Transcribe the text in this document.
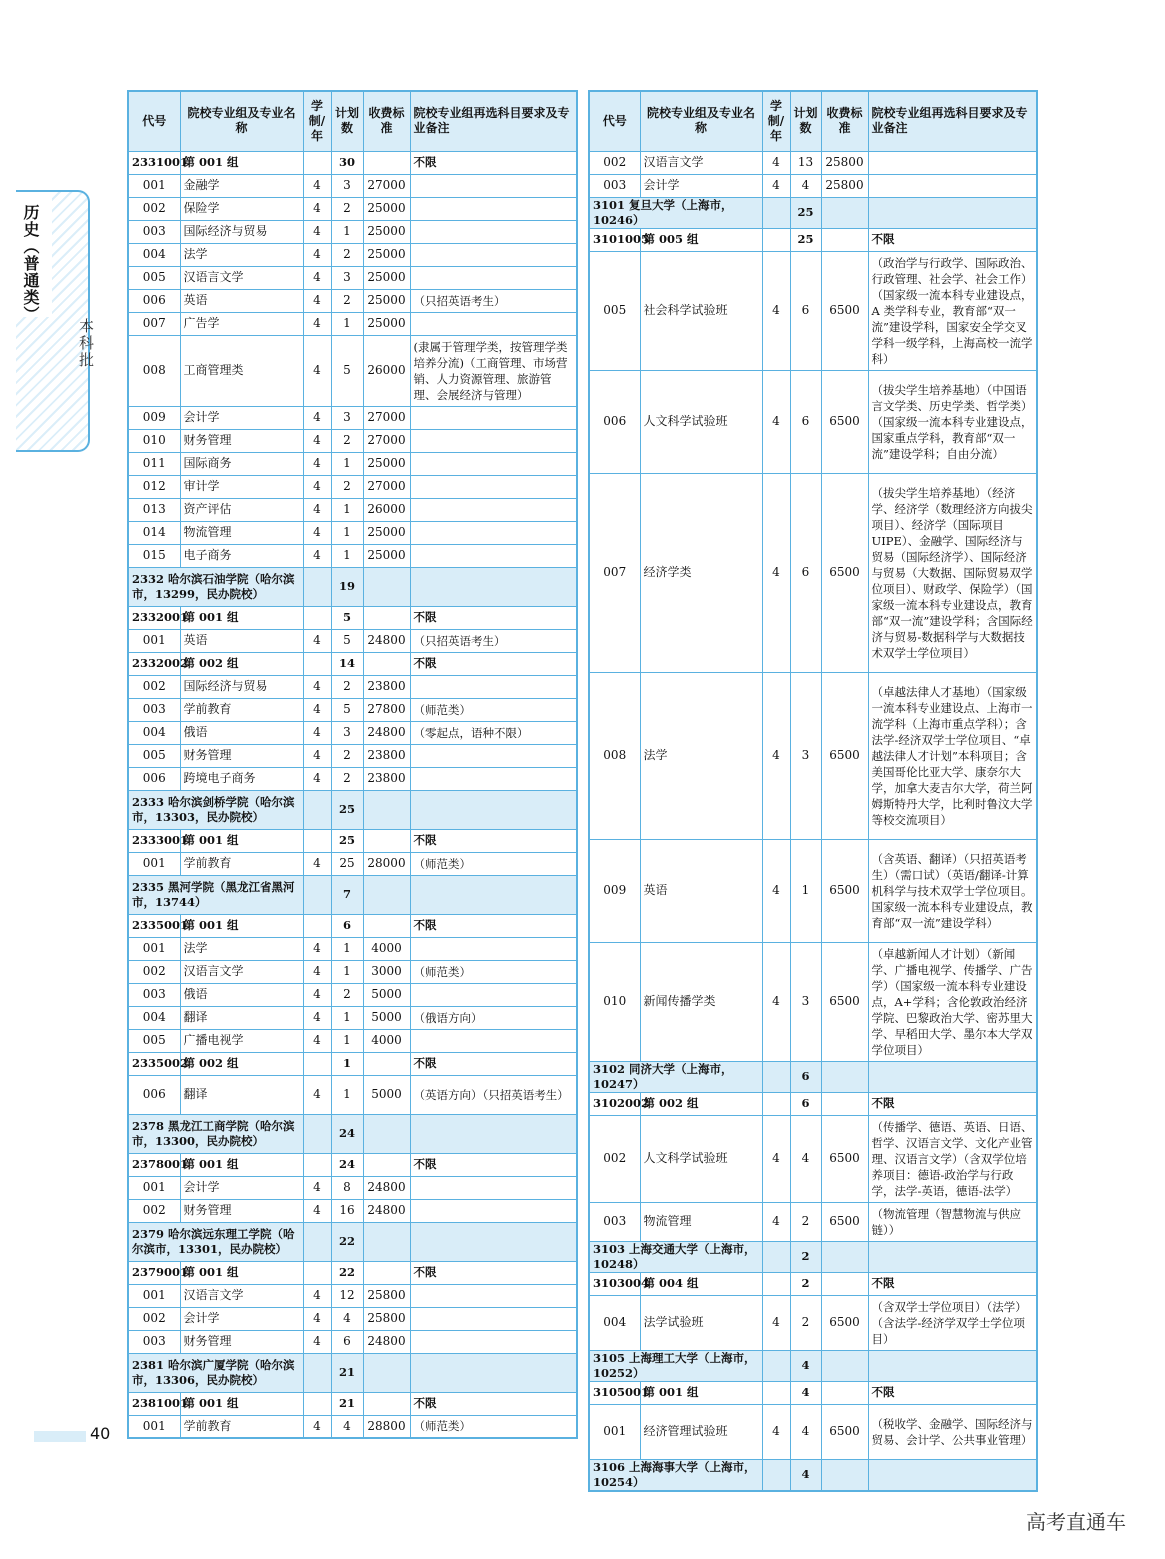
历史（普通类）
本科批
40
高考直通车
代号	院校专业组及专业名称	学制/年	计划数	收费标准	院校专业组再选科目要求及专业备注
2331001	第 001 组		30		不限
001	金融学	4	3	27000	
002	保险学	4	2	25000	
003	国际经济与贸易	4	1	25000	
004	法学	4	2	25000	
005	汉语言文学	4	3	25000	
006	英语	4	2	25000	（只招英语考生）
007	广告学	4	1	25000	
008	工商管理类	4	5	26000	(隶属于管理学类，按管理学类培养分流)（工商管理、市场营销、人力资源管理、旅游管理、会展经济与管理）
009	会计学	4	3	27000	
010	财务管理	4	2	27000	
011	国际商务	4	1	25000	
012	审计学	4	2	27000	
013	资产评估	4	1	26000	
014	物流管理	4	1	25000	
015	电子商务	4	1	25000	
2332 哈尔滨石油学院（哈尔滨市，13299，民办院校）			19		
2332001	第 001 组		5		不限
001	英语	4	5	24800	（只招英语考生）
2332002	第 002 组		14		不限
002	国际经济与贸易	4	2	23800	
003	学前教育	4	5	27800	（师范类）
004	俄语	4	3	24800	（零起点，语种不限）
005	财务管理	4	2	23800	
006	跨境电子商务	4	2	23800	
2333 哈尔滨剑桥学院（哈尔滨市，13303，民办院校）			25		
2333001	第 001 组		25		不限
001	学前教育	4	25	28000	（师范类）
2335 黑河学院（黑龙江省黑河市，13744）			7		
2335001	第 001 组		6		不限
001	法学	4	1	4000	
002	汉语言文学	4	1	3000	（师范类）
003	俄语	4	2	5000	
004	翻译	4	1	5000	（俄语方向）
005	广播电视学	4	1	4000	
2335002	第 002 组		1		不限
006	翻译	4	1	5000	（英语方向）（只招英语考生）
2378 黑龙江工商学院（哈尔滨市，13300，民办院校）			24		
2378001	第 001 组		24		不限
001	会计学	4	8	24800	
002	财务管理	4	16	24800	
2379 哈尔滨远东理工学院（哈尔滨市，13301，民办院校）			22		
2379001	第 001 组		22		不限
001	汉语言文学	4	12	25800	
002	会计学	4	4	25800	
003	财务管理	4	6	24800	
2381 哈尔滨广厦学院（哈尔滨市，13306，民办院校）			21		
2381001	第 001 组		21		不限
001	学前教育	4	4	28800	（师范类）
代号	院校专业组及专业名称	学制/年	计划数	收费标准	院校专业组再选科目要求及专业备注
002	汉语言文学	4	13	25800	
003	会计学	4	4	25800	
3101 复旦大学（上海市，10246）			25		
3101005	第 005 组		25		不限
005	社会科学试验班	4	6	6500	（政治学与行政学、国际政治、行政管理、社会学、社会工作）（国家级一流本科专业建设点，A 类学科专业，教育部“双一流”建设学科，国家安全学交叉学科一级学科，上海高校一流学科）
006	人文科学试验班	4	6	6500	（拔尖学生培养基地）（中国语言文学类、历史学类、哲学类）（国家级一流本科专业建设点，国家重点学科，教育部“双一流”建设学科；自由分流）
007	经济学类	4	6	6500	（拔尖学生培养基地）（经济学、经济学（数理经济方向拔尖项目）、经济学（国际项目UIPE）、金融学、国际经济与贸易（国际经济学）、国际经济与贸易（大数据、国际贸易双学位项目）、财政学、保险学）（国家级一流本科专业建设点，教育部“双一流”建设学科；含国际经济与贸易-数据科学与大数据技术双学士学位项目）
008	法学	4	3	6500	（卓越法律人才基地）（国家级一流本科专业建设点、上海市一流学科（上海市重点学科）；含法学-经济双学士学位项目、“卓越法律人才计划”本科项目；含美国哥伦比亚大学、康奈尔大学，加拿大麦吉尔大学，荷兰阿姆斯特丹大学，比利时鲁汶大学等校交流项目）
009	英语	4	1	6500	（含英语、翻译）（只招英语考生）（需口试）（英语/翻译-计算机科学与技术双学士学位项目。国家级一流本科专业建设点，教育部“双一流”建设学科）
010	新闻传播学类	4	3	6500	（卓越新闻人才计划）（新闻学、广播电视学、传播学、广告学）（国家级一流本科专业建设点，A+学科；含伦敦政治经济学院、巴黎政治大学、密苏里大学、早稻田大学、墨尔本大学双学位项目）
3102 同济大学（上海市，10247）			6		
3102002	第 002 组		6		不限
002	人文科学试验班	4	4	6500	（传播学、德语、英语、日语、哲学、汉语言文学、文化产业管理、汉语言文学）（含双学位培养项目：德语-政治学与行政学，法学-英语，德语-法学）
003	物流管理	4	2	6500	（物流管理（智慧物流与供应链））
3103 上海交通大学（上海市，10248）			2		
3103004	第 004 组		2		不限
004	法学试验班	4	2	6500	（含双学士学位项目）（法学）（含法学-经济学双学士学位项目）
3105 上海理工大学（上海市，10252）			4		
3105001	第 001 组		4		不限
001	经济管理试验班	4	4	6500	（税收学、金融学、国际经济与贸易、会计学、公共事业管理）
3106 上海海事大学（上海市，10254）			4		
